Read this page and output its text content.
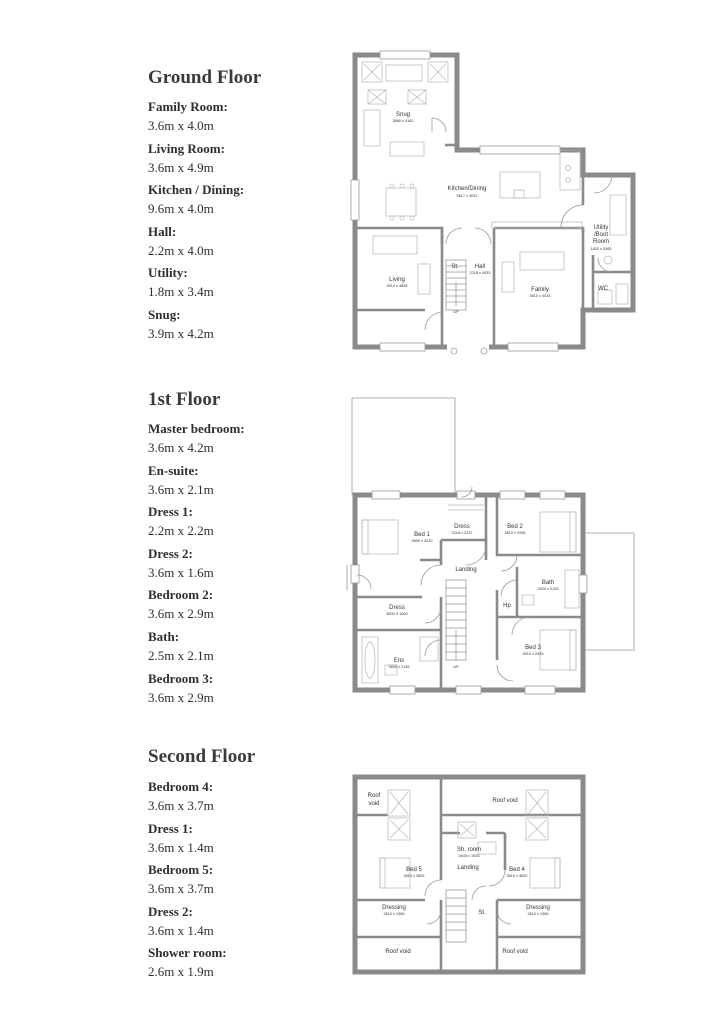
Ground Floor
Family Room:
3.6m x 4.0m
Living Room:
3.6m x 4.9m
Kitchen / Dining:
9.6m x 4.0m
Hall:
2.2m x 4.0m
Utility:
1.8m x 3.4m
Snug:
3.9m x 4.2m
1st Floor
Master bedroom:
3.6m x 4.2m
En-suite:
3.6m x 2.1m
Dress 1:
2.2m x 2.2m
Dress 2:
3.6m x 1.6m
Bedroom 2:
3.6m x 2.9m
Bath:
2.5m x 2.1m
Bedroom 3:
3.6m x 2.9m
Second Floor
Bedroom 4:
3.6m x 3.7m
Dress 1:
3.6m x 1.4m
Bedroom 5:
3.6m x 3.7m
Dress 2:
3.6m x 1.4m
Shower room:
2.6m x 1.9m
Snug
3880 x 4162
Kitchen/Dining
9617 x 4032
Utility
/Boot
Room
1832 x 3365
WC
Living
3610 x 4895
St.	Hall
2218 x 4033
Family
3610 x 4033
UP
Bed 1
3609 x 4230
Dress
2218 x 2237
Bed 2
3610 x 2935
Landing
Bath
2524 x 2105
Dress
3609 X 1600
Hp
Bed 3
3610 x 2935
Ens
3609 x 2145	UP
Roof
void	Roof void
Sh. room
2645 x 1926
Bed 5
3610 x 3692
Landing	Bed 4
3610 x 3692
Dressing
3610 x 1356	St.
Dressing
3610 x 1356
Roof void	Roof void
